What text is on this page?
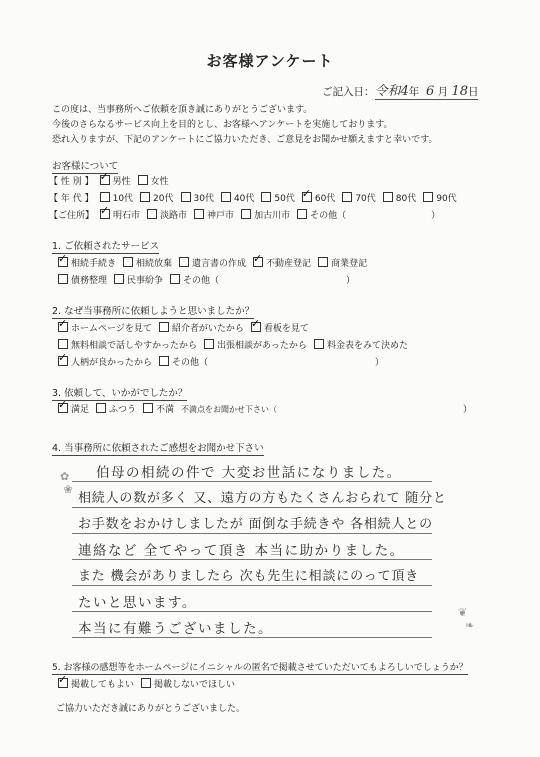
お客様アンケート
ご記入日：令和4年 6 月 18日
この度は、当事務所へご依頼を頂き誠にありがとうございます。
今後のさらなるサービス向上を目的とし、お客様へアンケートを実施しております。
恐れ入りますが、下記のアンケートにご協力いただき、ご意見をお聞かせ願えますと幸いです。
お客様について
【 性 別 】 ✓ 男性 女性
【 年 代 】 10代 20代 30代 40代 50代 ✓ 60代 70代 80代 90代
【ご住所】 ✓ 明石市 淡路市 神戸市 加古川市 その他（	）
1. ご依頼されたサービス
✓相続手続き 相続放棄 遺言書の作成 ✓ 不動産登記 商業登記
債務整理 民事紛争 その他（	）
2. なぜ当事務所に依頼しようと思いましたか？
✓ホームページを見て 紹介者がいたから ✓ 看板を見て
無料相談で話しやすかったから 出張相談があったから 料金表をみて決めた
✓人柄が良かったから その他（	）
3. 依頼して、いかがでしたか？
✓満足 ふつう 不満 不満点をお聞かせ下さい（	）
4. 当事務所に依頼されたご感想をお聞かせ下さい
✿
❀
❦
❧
伯母の相続の件で 大変お世話になりました。
相続人の数が多く 又、遠方の方もたくさんおられて 随分と
お手数をおかけしましたが 面倒な手続きや 各相続人との
連絡など 全てやって頂き 本当に助かりました。
また 機会がありましたら 次も先生に相談にのって頂き
たいと思います。
本当に有難うございました。
5. お客様の感想等をホームページにイニシャルの匿名で掲載させていただいてもよろしいでしょうか？
✓掲載してもよい 掲載しないでほしい
ご協力いただき誠にありがとうございました。
